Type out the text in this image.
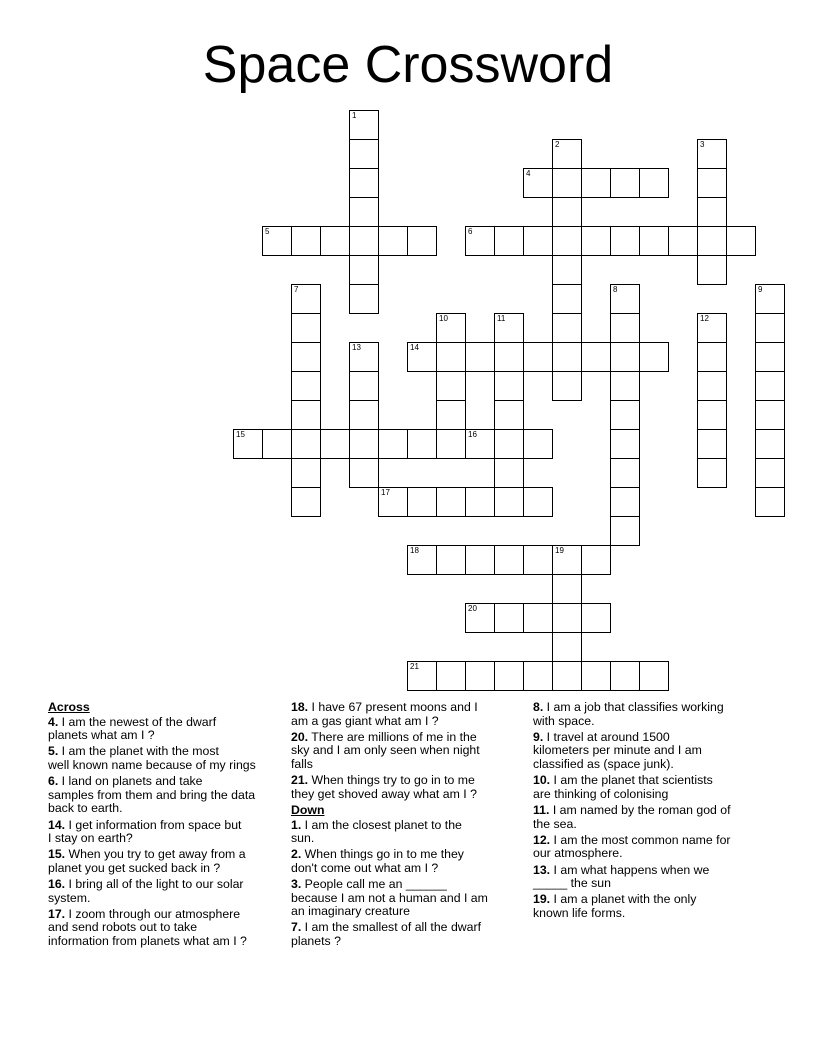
Space Crossword
1
2	3
4
5	6
7	8	9
10	11	12
13	14
15	16
17
18	19
20
21
Across
4. I am the newest of the dwarf
planets what am I ?
5. I am the planet with the most
well known name because of my rings
6. I land on planets and take
samples from them and bring the data
back to earth.
14. I get information from space but
I stay on earth?
15. When you try to get away from a
planet you get sucked back in ?
16. I bring all of the light to our solar
system.
17. I zoom through our atmosphere
and send robots out to take
information from planets what am I ?
18. I have 67 present moons and I
am a gas giant what am I ?
20. There are millions of me in the
sky and I am only seen when night
falls
21. When things try to go in to me
they get shoved away what am I ?
Down
1. I am the closest planet to the
sun.
2. When things go in to me they
don't come out what am I ?
3. People call me an ______
because I am not a human and I am
an imaginary creature
7. I am the smallest of all the dwarf
planets ?
8. I am a job that classifies working
with space.
9. I travel at around 1500
kilometers per minute and I am
classified as (space junk).
10. I am the planet that scientists
are thinking of colonising
11. I am named by the roman god of
the sea.
12. I am the most common name for
our atmosphere.
13. I am what happens when we
_____ the sun
19. I am a planet with the only
known life forms.
